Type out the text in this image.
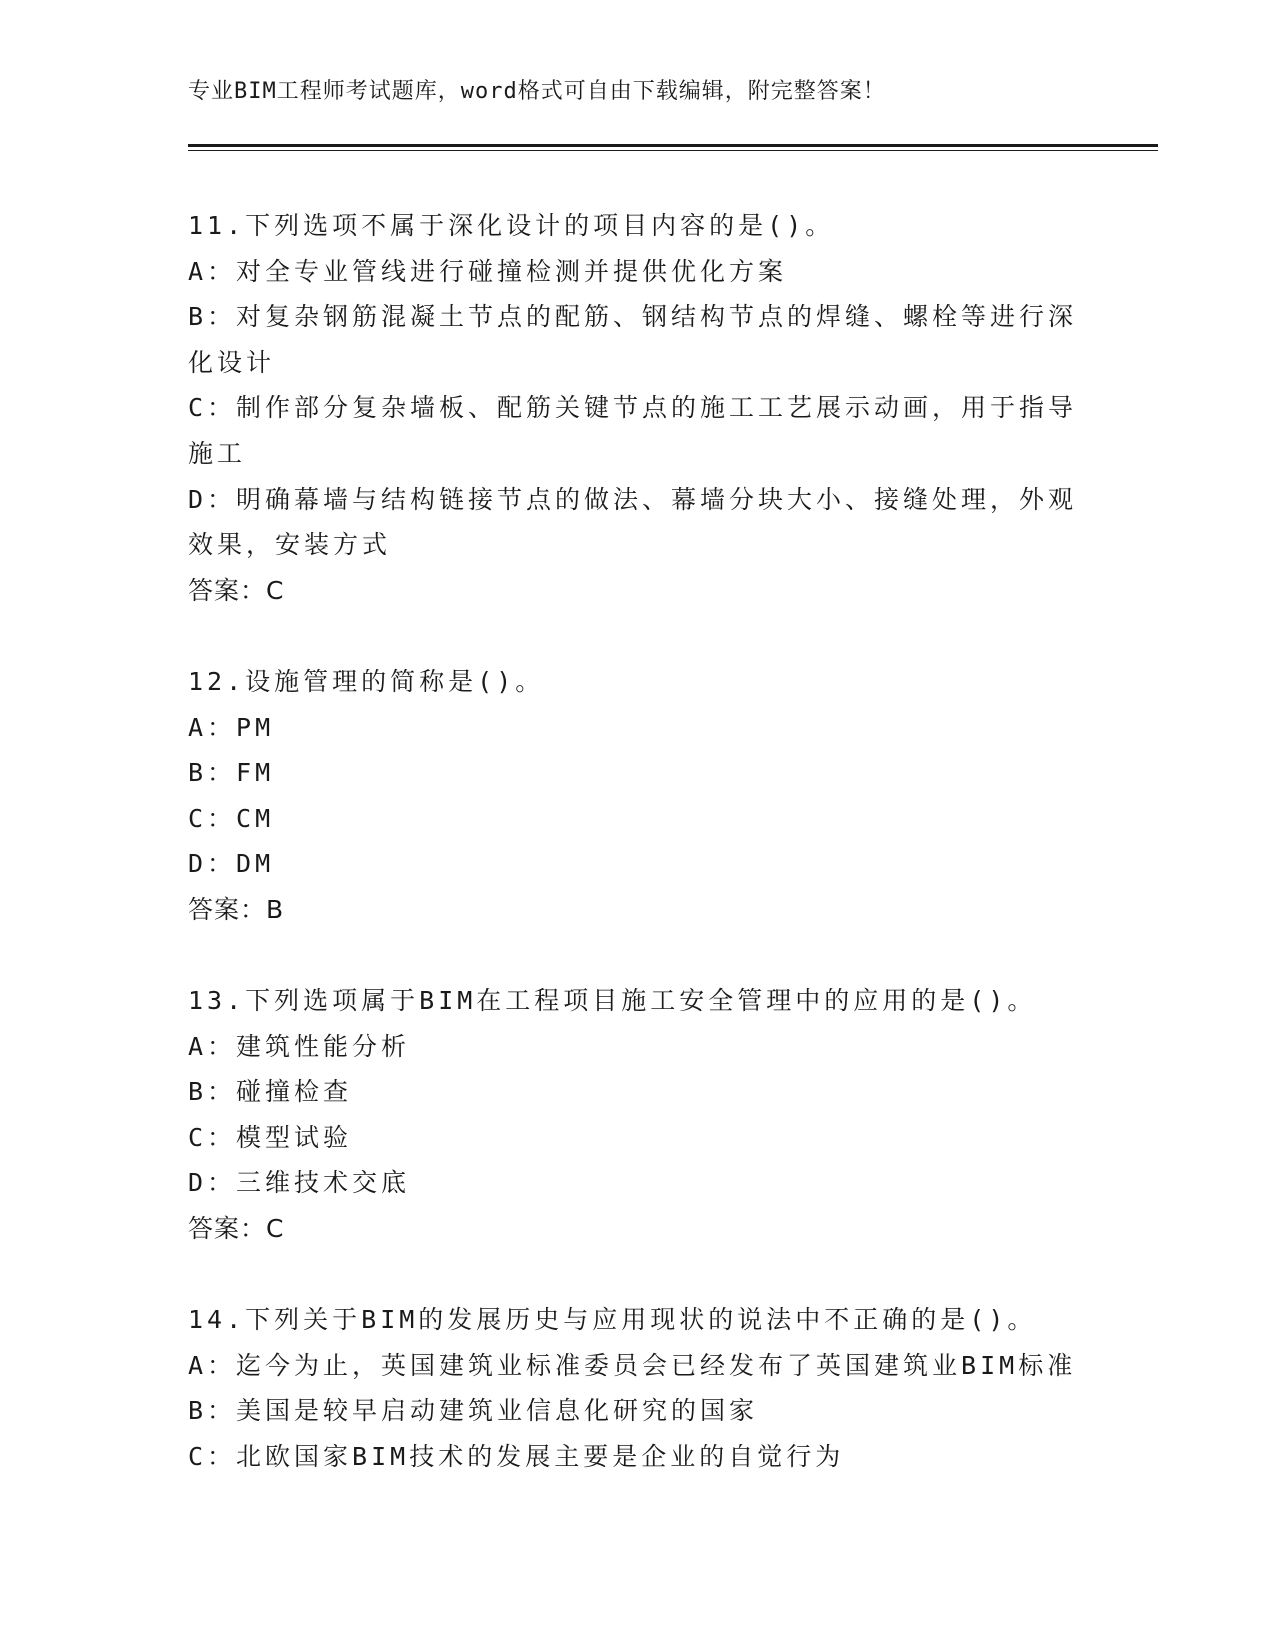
专业BIM工程师考试题库，word格式可自由下载编辑，附完整答案！

11.下列选项不属于深化设计的项目内容的是()。

A：对全专业管线进行碰撞检测并提供优化方案

B：对复杂钢筋混凝土节点的配筋、钢结构节点的焊缝、螺栓等进行深化设计

C：制作部分复杂墙板、配筋关键节点的施工工艺展示动画，用于指导施工

D：明确幕墙与结构链接节点的做法、幕墙分块大小、接缝处理，外观效果，安装方式

答案：C

12.设施管理的简称是()。

A：PM

B：FM

C：CM

D：DM

答案：B

13.下列选项属于BIM在工程项目施工安全管理中的应用的是()。

A：建筑性能分析

B：碰撞检查

C：模型试验

D：三维技术交底

答案：C

14.下列关于BIM的发展历史与应用现状的说法中不正确的是()。

A：迄今为止，英国建筑业标准委员会已经发布了英国建筑业BIM标准

B：美国是较早启动建筑业信息化研究的国家

C：北欧国家BIM技术的发展主要是企业的自觉行为
